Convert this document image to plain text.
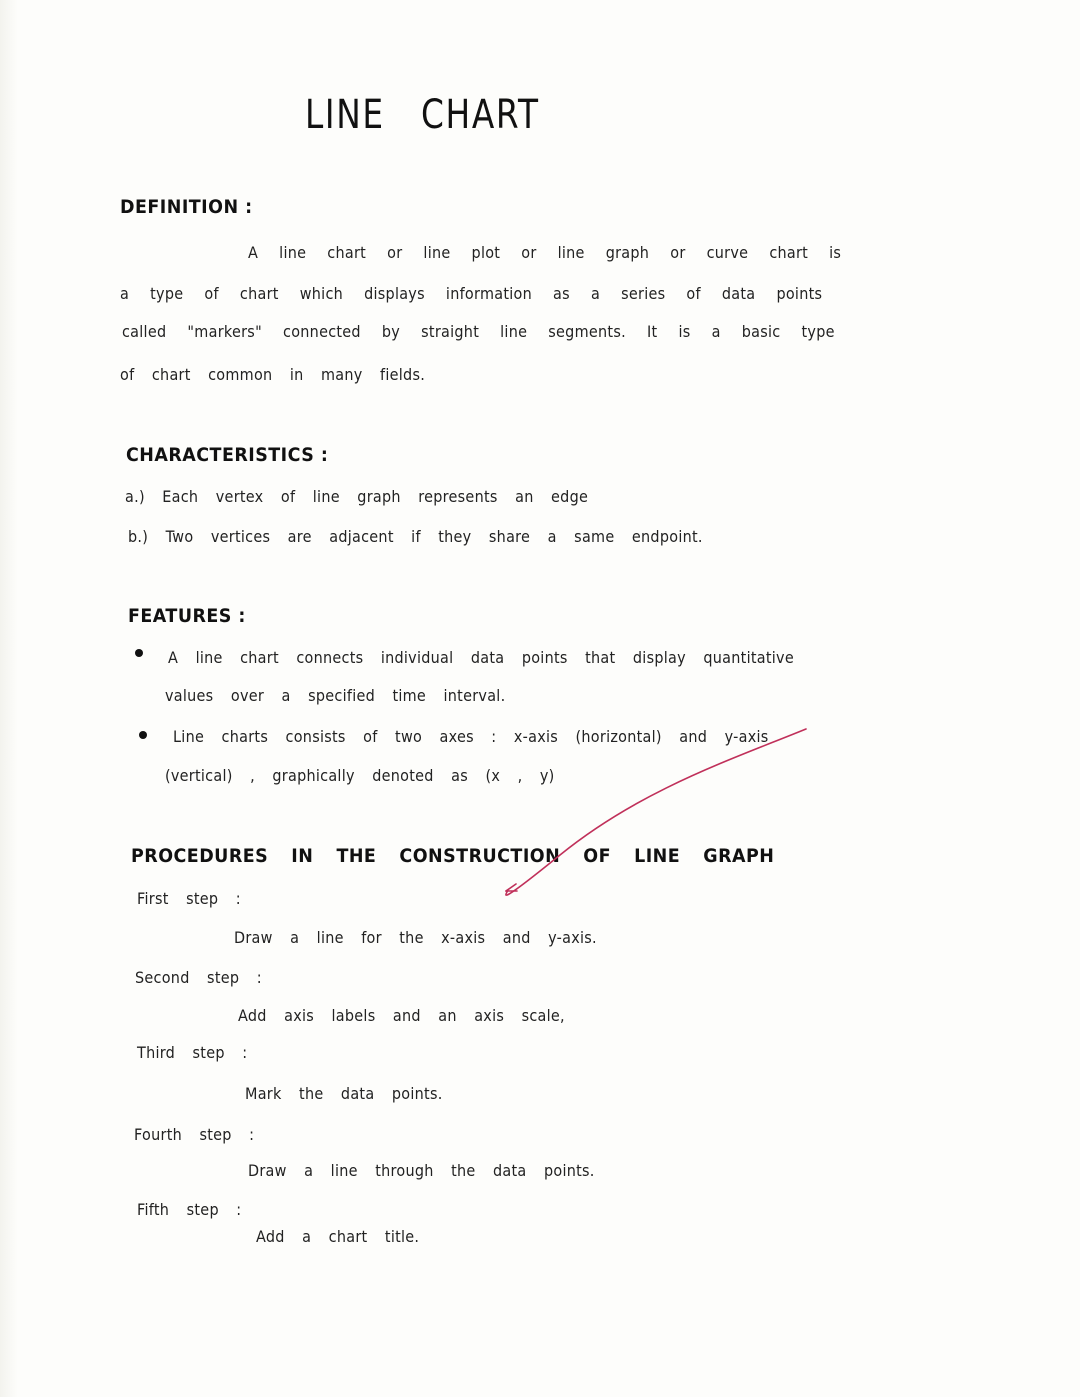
LINE CHART
DEFINITION :
A line chart or line plot or line graph or curve chart is
a type of chart which displays information as a series of data points
called "markers" connected by straight line segments. It is a basic type
of chart common in many fields.
CHARACTERISTICS :
a.) Each vertex of line graph represents an edge
b.) Two vertices are adjacent if they share a same endpoint.
FEATURES :
A line chart connects individual data points that display quantitative
values over a specified time interval.
Line charts consists of two axes : x-axis (horizontal) and y-axis
(vertical) , graphically denoted as (x , y)
PROCEDURES IN THE CONSTRUCTION OF LINE GRAPH
First step :
Draw a line for the x-axis and y-axis.
Second step :
Add axis labels and an axis scale,
Third step :
Mark the data points.
Fourth step :
Draw a line through the data points.
Fifth step :
Add a chart title.
